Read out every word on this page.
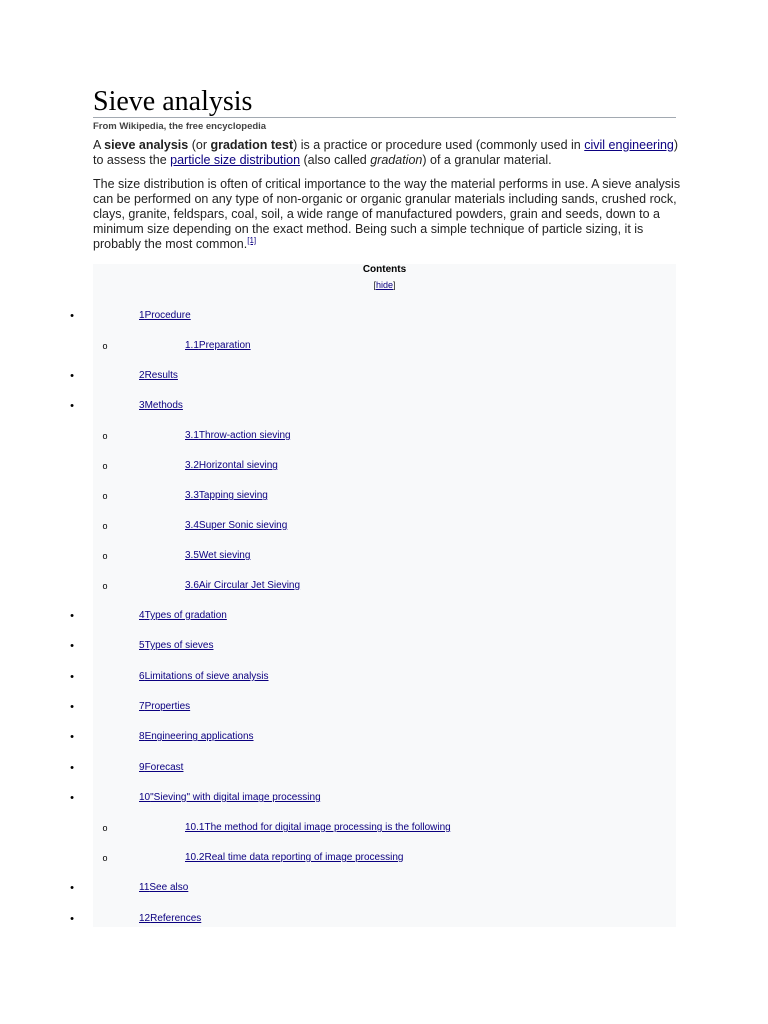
Sieve analysis
From Wikipedia, the free encyclopedia

A sieve analysis (or gradation test) is a practice or procedure used (commonly used in civil engineering) to assess the particle size distribution (also called gradation) of a granular material.

The size distribution is often of critical importance to the way the material performs in use. A sieve analysis can be performed on any type of non-organic or organic granular materials including sands, crushed rock, clays, granite, feldspars, coal, soil, a wide range of manufactured powders, grain and seeds, down to a minimum size depending on the exact method. Being such a simple technique of particle sizing, it is probably the most common.[1]

Contents
[hide]
•	1Procedure
o	1.1Preparation
•	2Results
•	3Methods
o	3.1Throw-action sieving
o	3.2Horizontal sieving
o	3.3Tapping sieving
o	3.4Super Sonic sieving
o	3.5Wet sieving
o	3.6Air Circular Jet Sieving
•	4Types of gradation
•	5Types of sieves
•	6Limitations of sieve analysis
•	7Properties
•	8Engineering applications
•	9Forecast
•	10"Sieving" with digital image processing
o	10.1The method for digital image processing is the following
o	10.2Real time data reporting of image processing
•	11See also
•	12References
